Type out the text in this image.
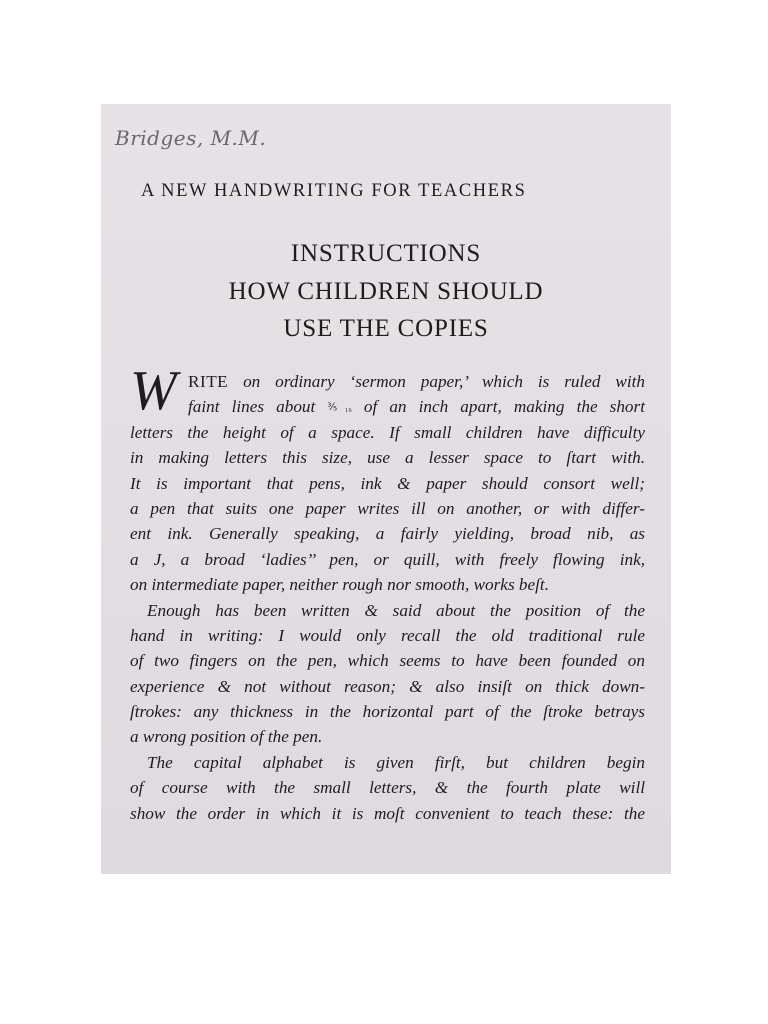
Bridges, M.M.
A NEW HANDWRITING FOR TEACHERS
INSTRUCTIONS
HOW CHILDREN SHOULD
USE THE COPIES
W RITE on ordinary ‘sermon paper,’ which is ruled with
faint lines about ⅗₁₆ of an inch apart, making the short
letters the height of a space. If small children have difficulty
in making letters this size, use a lesser space to ſtart with.
It is important that pens, ink & paper should consort well;
a pen that suits one paper writes ill on another, or with differ-
ent ink. Generally speaking, a fairly yielding, broad nib, as
a J, a broad ‘ladies’’ pen, or quill, with freely flowing ink,
on intermediate paper, neither rough nor smooth, works beſt.
Enough has been written & said about the position of the
hand in writing: I would only recall the old traditional rule
of two fingers on the pen, which seems to have been founded on
experience & not without reason; & also insiſt on thick down-
ſtrokes: any thickness in the horizontal part of the ſtroke betrays
a wrong position of the pen.
The capital alphabet is given firſt, but children begin
of course with the small letters, & the fourth plate will
show the order in which it is moſt convenient to teach these: the
